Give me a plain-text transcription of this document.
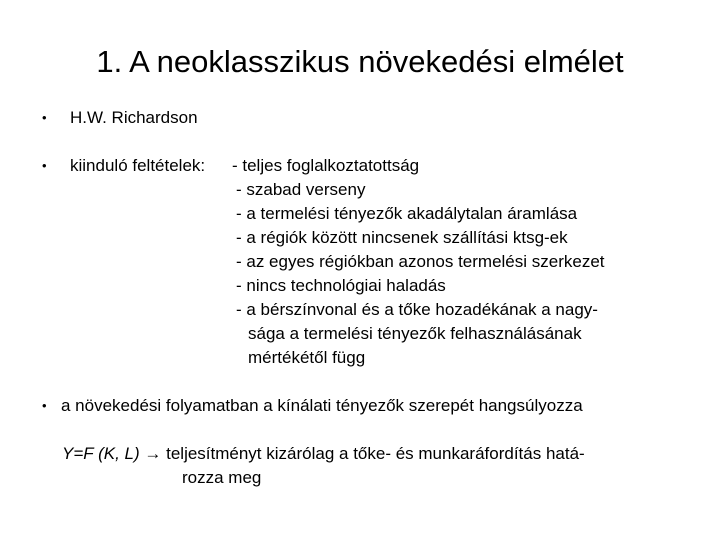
1. A neoklasszikus növekedési elmélet
• H.W. Richardson
• kiinduló feltételek: - teljes foglalkoztatottság
- szabad verseny
- a termelési tényezők akadálytalan áramlása
- a régiók között nincsenek szállítási ktsg-ek
- az egyes régiókban azonos termelési szerkezet
- nincs technológiai haladás
- a bérszínvonal és a tőke hozadékának a nagy-
sága a termelési tényezők felhasználásának
mértékétől függ
• a növekedési folyamatban a kínálati tényezők szerepét hangsúlyozza
Y=F (K, L) → teljesítményt kizárólag a tőke- és munkaráfordítás hatá-
rozza meg
